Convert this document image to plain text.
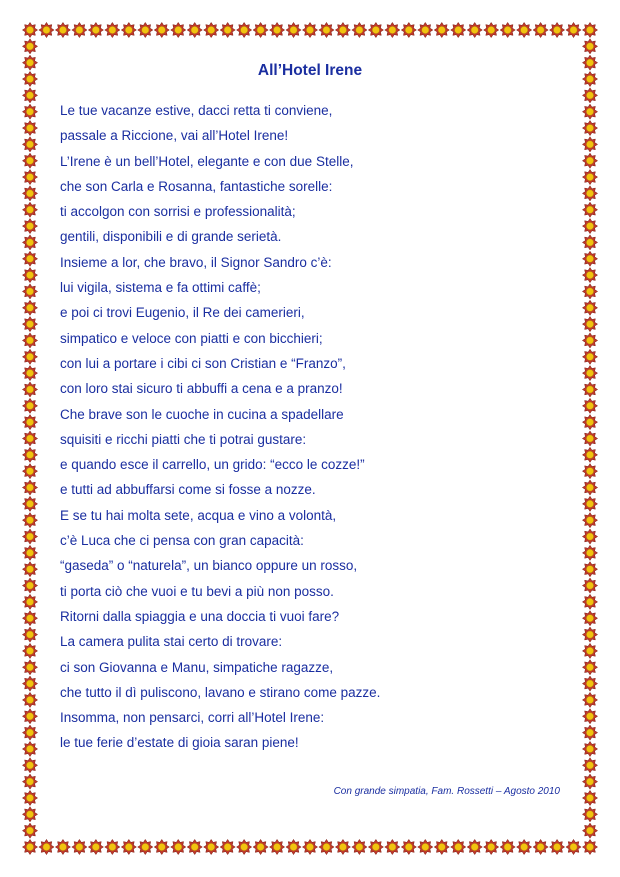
All’Hotel Irene
Le tue vacanze estive, dacci retta ti conviene,
passale a Riccione, vai all’Hotel Irene!
L’Irene è un bell’Hotel, elegante e con due Stelle,
che son Carla e Rosanna, fantastiche sorelle:
ti accolgon con sorrisi e professionalità;
gentili, disponibili e di grande serietà.
Insieme a lor, che bravo, il Signor Sandro c’è:
lui vigila, sistema e fa ottimi caffè;
e poi ci trovi Eugenio, il Re dei camerieri,
simpatico e veloce con piatti e con bicchieri;
con lui a portare i cibi ci son Cristian e “Franzo”,
con loro stai sicuro ti abbuffi a cena e a pranzo!
Che brave son le cuoche in cucina a spadellare
squisiti e ricchi piatti che ti potrai gustare:
e quando esce il carrello, un grido: “ecco le cozze!”
e tutti ad abbuffarsi come si fosse a nozze.
E se tu hai molta sete, acqua e vino a volontà,
c’è Luca che ci pensa con gran capacità:
“gaseda” o “naturela”, un bianco oppure un rosso,
ti porta ciò che vuoi e tu bevi a più non posso.
Ritorni dalla spiaggia e una doccia ti vuoi fare?
La camera pulita stai certo di trovare:
ci son Giovanna e Manu, simpatiche ragazze,
che tutto il dì puliscono, lavano e stirano come pazze.
Insomma, non pensarci, corri all’Hotel Irene:
le tue ferie d’estate di gioia saran piene!
Con grande simpatia, Fam. Rossetti – Agosto 2010
